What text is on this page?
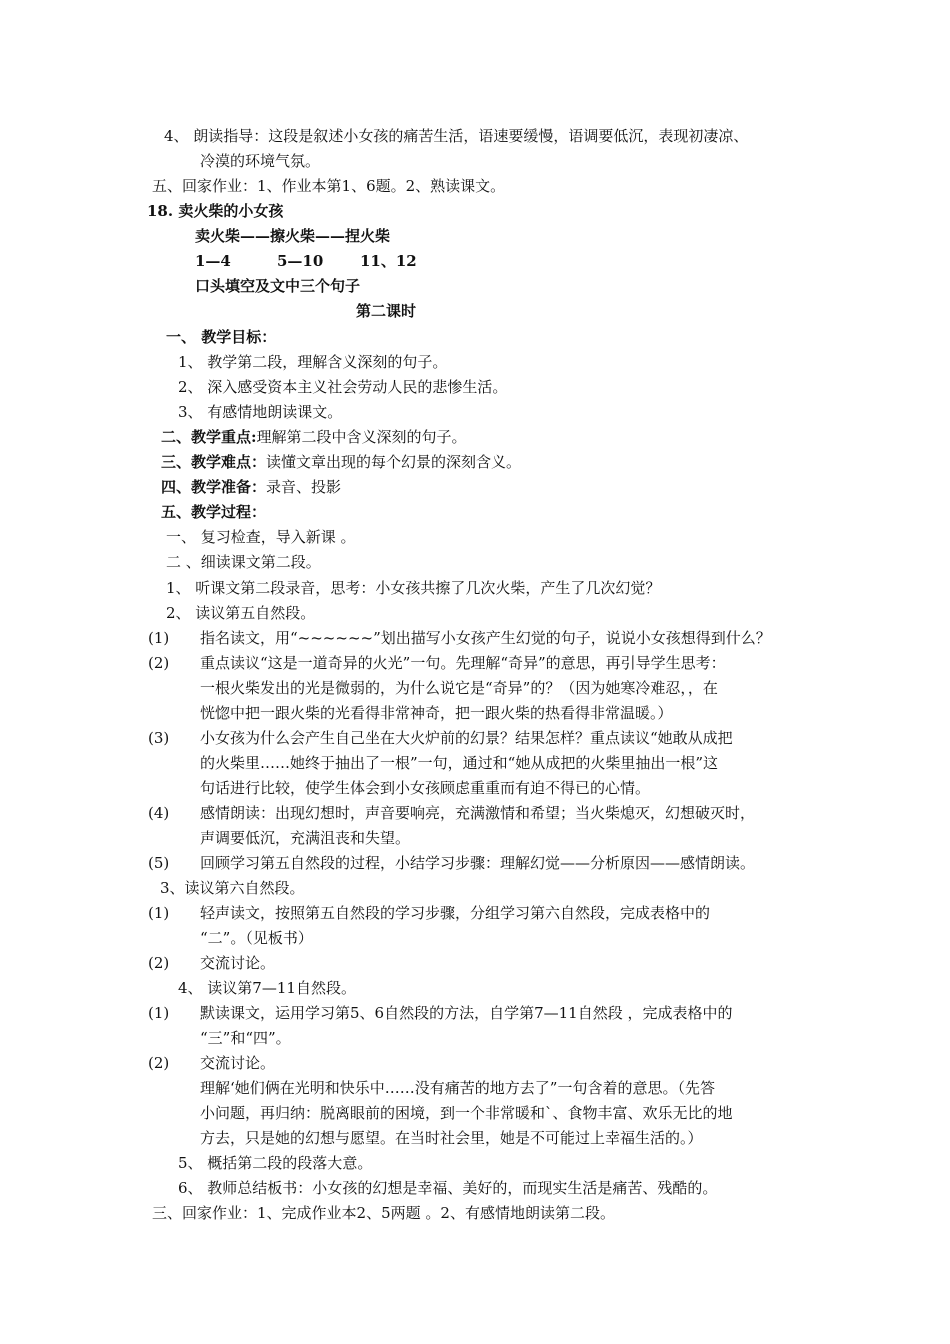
4、 朗读指导：这段是叙述小女孩的痛苦生活，语速要缓慢，语调要低沉，表现初凄凉、
冷漠的环境气氛。
五、回家作业：1、作业本第1、6题。2、熟读课文。
18. 卖火柴的小女孩
卖火柴——擦火柴——捏火柴
1—4	5—10 11、12
口头填空及文中三个句子
第二课时
一、 教学目标：
1、 教学第二段，理解含义深刻的句子。
2、 深入感受资本主义社会劳动人民的悲惨生活。
3、 有感情地朗读课文。
二、教学重点:理解第二段中含义深刻的句子。
三、教学难点：读懂文章出现的每个幻景的深刻含义。
四、教学准备：录音、投影
五、教学过程：
一、 复习检查，导入新课 。
二 、细读课文第二段。
1、 听课文第二段录音，思考：小女孩共擦了几次火柴，产生了几次幻觉？
2、 读议第五自然段。
(1) 指名读文，用“~~~~~~”划出描写小女孩产生幻觉的句子，说说小女孩想得到什么？
(2) 重点读议“这是一道奇异的火光”一句。先理解“奇异”的意思，再引导学生思考：
一根火柴发出的光是微弱的，为什么说它是“奇异”的？（因为她寒冷难忍，，在
恍惚中把一跟火柴的光看得非常神奇，把一跟火柴的热看得非常温暖。）
(3) 小女孩为什么会产生自己坐在大火炉前的幻景？结果怎样？重点读议“她敢从成把
的火柴里……她终于抽出了一根”一句，通过和“她从成把的火柴里抽出一根”这
句话进行比较，使学生体会到小女孩顾虑重重而有迫不得已的心情。
(4) 感情朗读：出现幻想时，声音要响亮，充满激情和希望；当火柴熄灭，幻想破灭时，
声调要低沉，充满沮丧和失望。
(5) 回顾学习第五自然段的过程，小结学习步骤：理解幻觉——分析原因——感情朗读。
3、读议第六自然段。
(1) 轻声读文，按照第五自然段的学习步骤，分组学习第六自然段，完成表格中的
“二”。（见板书）
(2) 交流讨论。
4、 读议第7—11自然段。
(1) 默读课文，运用学习第5、6自然段的方法，自学第7—11自然段 ，完成表格中的
“三”和“四”。
(2) 交流讨论。
理解‘她们俩在光明和快乐中……没有痛苦的地方去了”一句含着的意思。（先答
小问题，再归纳：脱离眼前的困境，到一个非常暖和`、食物丰富、欢乐无比的地
方去，只是她的幻想与愿望。在当时社会里，她是不可能过上幸福生活的。）
5、 概括第二段的段落大意。
6、 教师总结板书：小女孩的幻想是幸福、美好的，而现实生活是痛苦、残酷的。
三、回家作业：1、完成作业本2、5两题 。2、有感情地朗读第二段。
